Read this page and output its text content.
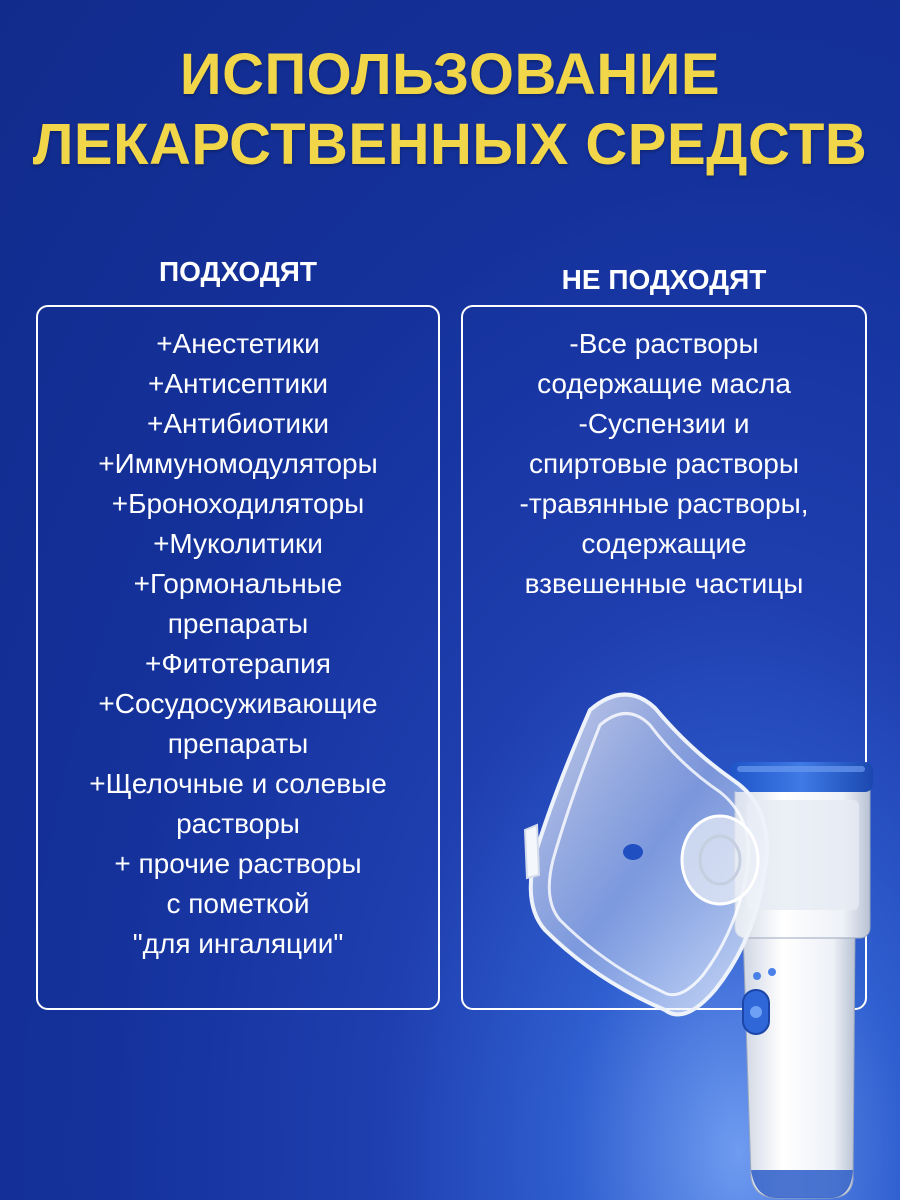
ИСПОЛЬЗОВАНИЕ
ЛЕКАРСТВЕННЫХ СРЕДСТВ
ПОДХОДЯТ	НЕ ПОДХОДЯТ
+Анестетики
+Антисептики
+Антибиотики
+Иммуномодуляторы
+Броноходиляторы
+Муколитики
+Гормональные
препараты
+Фитотерапия
+Сосудосуживающие
препараты
+Щелочные и солевые
растворы
+ прочие растворы
с пометкой
"для ингаляции"
-Все растворы
содержащие масла
-Суспензии и
спиртовые растворы
-травянные растворы,
содержащие
взвешенные частицы
